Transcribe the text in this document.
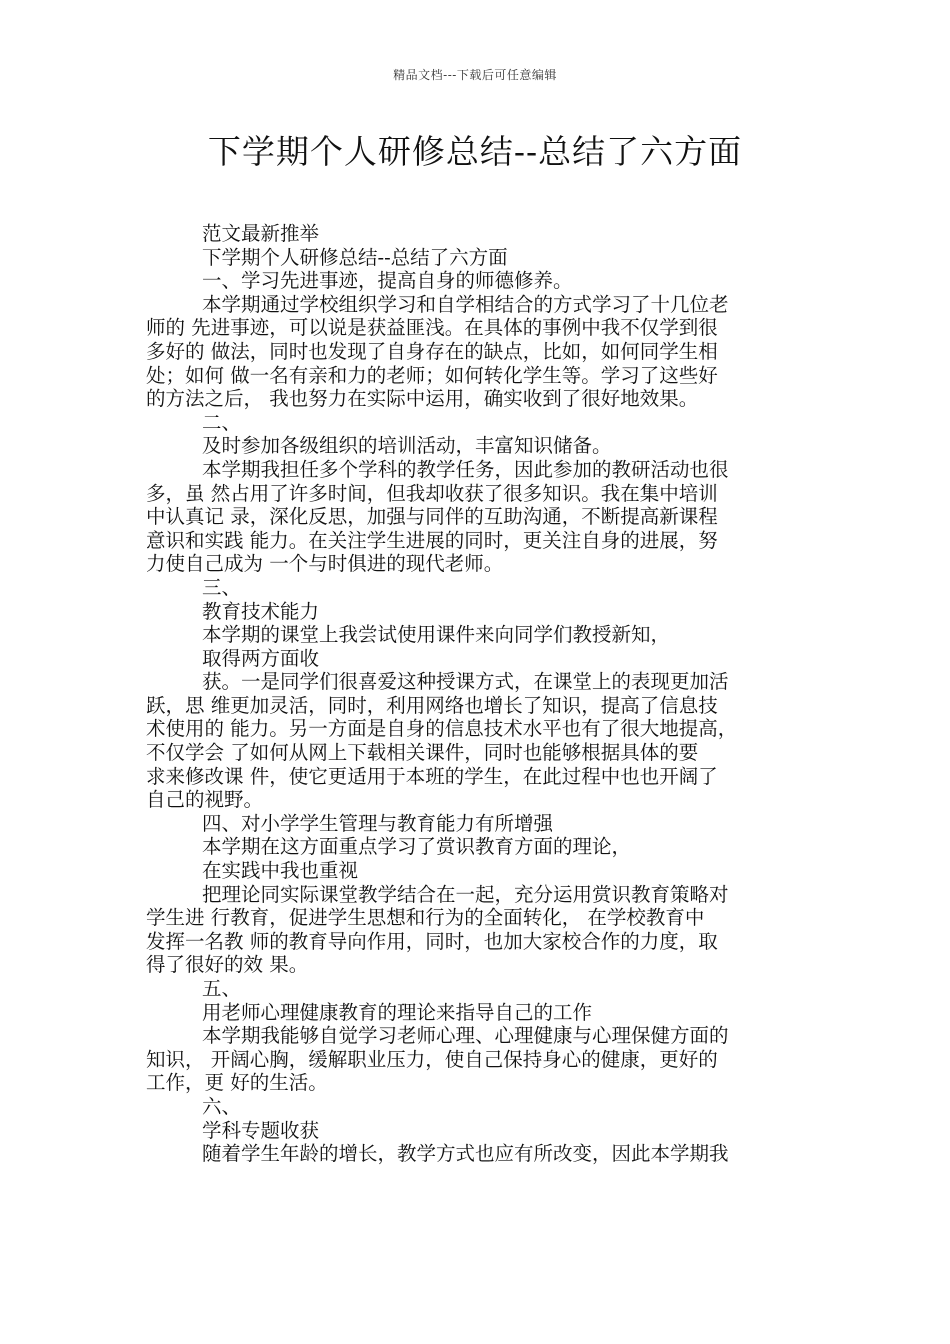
精品文档---下载后可任意编辑
下学期个人研修总结--总结了六方面
范文最新推举
下学期个人研修总结--总结了六方面
一、学习先进事迹，提高自身的师德修养。
本学期通过学校组织学习和自学相结合的方式学习了十几位老
师的 先进事迹，可以说是获益匪浅。在具体的事例中我不仅学到很
多好的 做法，同时也发现了自身存在的缺点，比如，如何同学生相
处；如何 做一名有亲和力的老师；如何转化学生等。学习了这些好
的方法之后， 我也努力在实际中运用，确实收到了很好地效果。
二、
及时参加各级组织的培训活动，丰富知识储备。
本学期我担任多个学科的教学任务，因此参加的教研活动也很
多，虽 然占用了许多时间，但我却收获了很多知识。我在集中培训
中认真记 录，深化反思，加强与同伴的互助沟通，不断提高新课程
意识和实践 能力。在关注学生进展的同时，更关注自身的进展，努
力使自己成为 一个与时俱进的现代老师。
三、
教育技术能力
本学期的课堂上我尝试使用课件来向同学们教授新知，
取得两方面收
获。一是同学们很喜爱这种授课方式，在课堂上的表现更加活
跃，思 维更加灵活，同时，利用网络也增长了知识，提高了信息技
术使用的 能力。另一方面是自身的信息技术水平也有了很大地提高，
不仅学会 了如何从网上下载相关课件，同时也能够根据具体的要
求来修改课 件，使它更适用于本班的学生，在此过程中也也开阔了
自己的视野。
四、对小学学生管理与教育能力有所增强
本学期在这方面重点学习了赏识教育方面的理论，
在实践中我也重视
把理论同实际课堂教学结合在一起，充分运用赏识教育策略对
学生进 行教育，促进学生思想和行为的全面转化， 在学校教育中
发挥一名教 师的教育导向作用，同时，也加大家校合作的力度，取
得了很好的效 果。
五、
用老师心理健康教育的理论来指导自己的工作
本学期我能够自觉学习老师心理、心理健康与心理保健方面的
知识， 开阔心胸，缓解职业压力，使自己保持身心的健康，更好的
工作，更 好的生活。
六、
学科专题收获
随着学生年龄的增长，教学方式也应有所改变，因此本学期我
